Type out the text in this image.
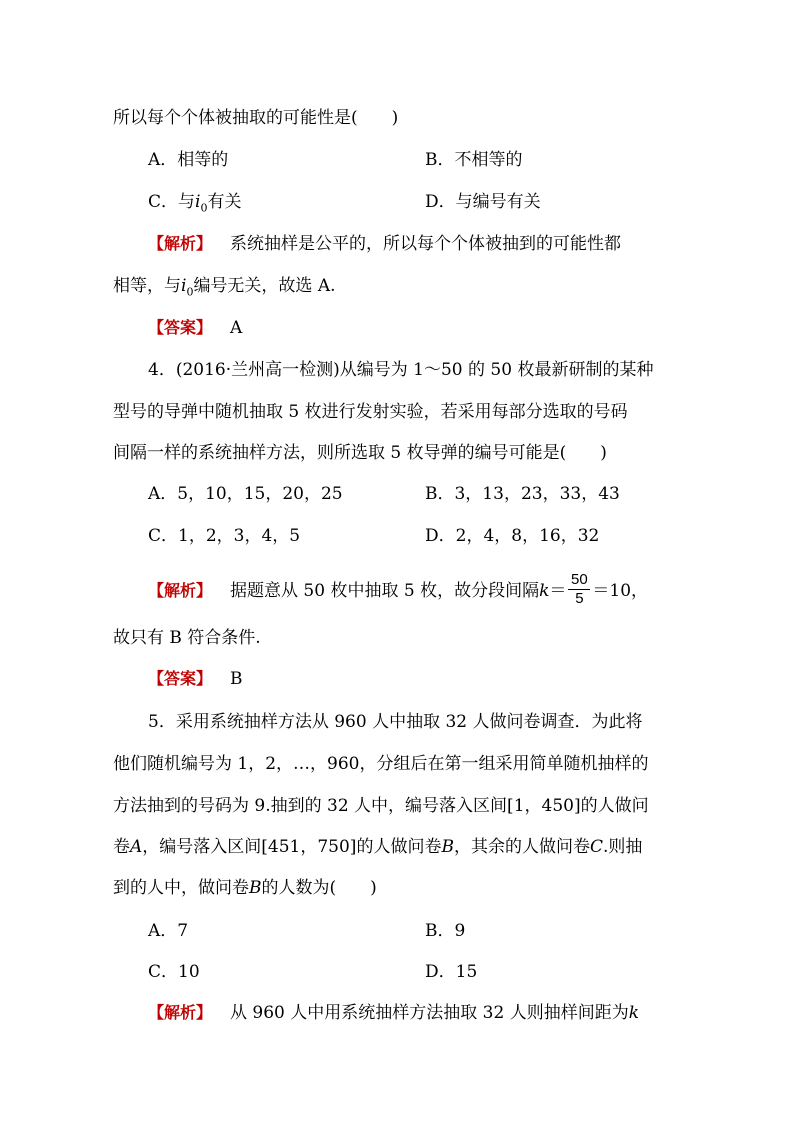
所以每个个体被抽取的可能性是(　　)
A．相等的	B．不相等的
C．与$i_0$有关	D．与编号有关
【解析】 系统抽样是公平的，所以每个个体被抽到的可能性都
相等，与$i_0$编号无关，故选 A.
【答案】 A
4．(2016·兰州高一检测)从编号为 1～50 的 50 枚最新研制的某种
型号的导弹中随机抽取 5 枚进行发射实验，若采用每部分选取的号码
间隔一样的系统抽样方法，则所选取 5 枚导弹的编号可能是(　　)
A．5，10，15，20，25	B．3，13，23，33，43
C．1，2，3，4，5	D．2，4，8，16，32
【解析】 据题意从 50 枚中抽取 5 枚，故分段间隔$k= \frac{50}{5} =10$，
故只有 B 符合条件.
【答案】 B
5．采用系统抽样方法从 960 人中抽取 32 人做问卷调查．为此将
他们随机编号为 1，2，…，960，分组后在第一组采用简单随机抽样的
方法抽到的号码为 9.抽到的 32 人中，编号落入区间[1，450]的人做问
卷A，编号落入区间[451，750]的人做问卷B，其余的人做问卷C.则抽
到的人中，做问卷B的人数为(　　)
A．7	B．9
C．10	D．15
【解析】 从 960 人中用系统抽样方法抽取 32 人则抽样间距为k
